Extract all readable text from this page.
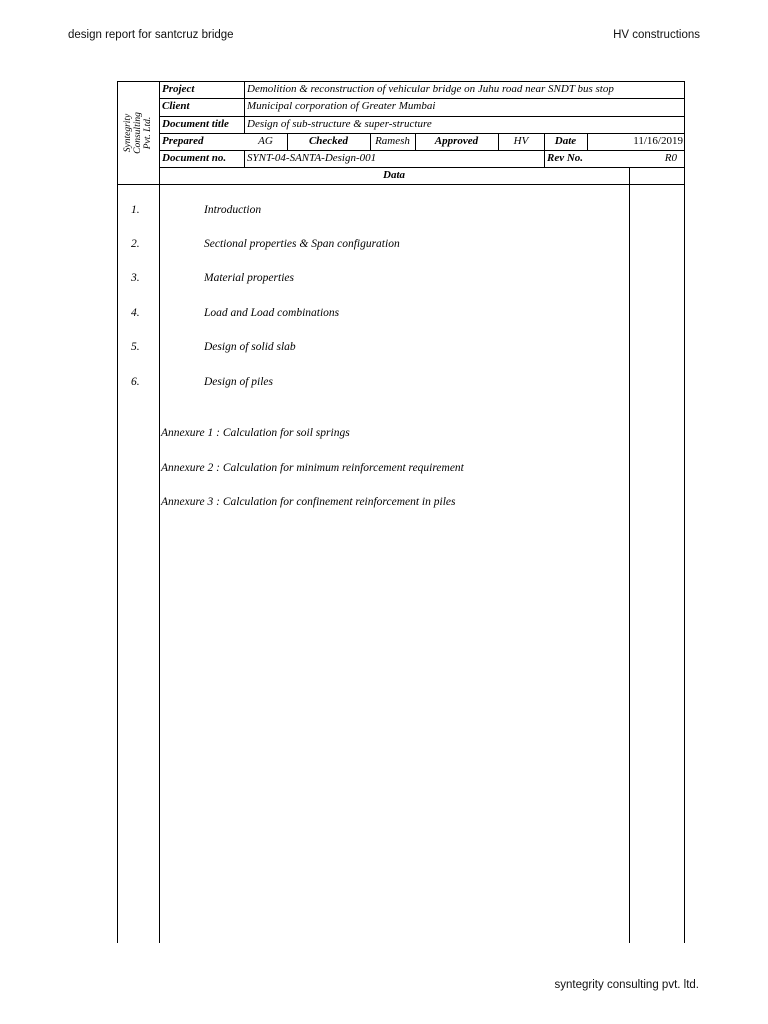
design report for santcruz bridge	HV constructions
Syntegrity Consulting Pvt. Ltd.
Project	Demolition & reconstruction of vehicular bridge on Juhu road near SNDT bus stop
Client	Municipal corporation of Greater Mumbai
Document title	Design of sub-structure & super-structure
Prepared	AG	Checked	Ramesh	Approved	HV	Date	11/16/2019
Document no.	SYNT-04-SANTA-Design-001	Rev No.	R0
Data
1.	Introduction
2.	Sectional properties & Span configuration
3.	Material properties
4.	Load and Load combinations
5.	Design of solid slab
6.	Design of piles
Annexure 1 : Calculation for soil springs
Annexure 2 : Calculation for minimum reinforcement requirement
Annexure 3 : Calculation for confinement reinforcement in piles
syntegrity consulting pvt. ltd.
